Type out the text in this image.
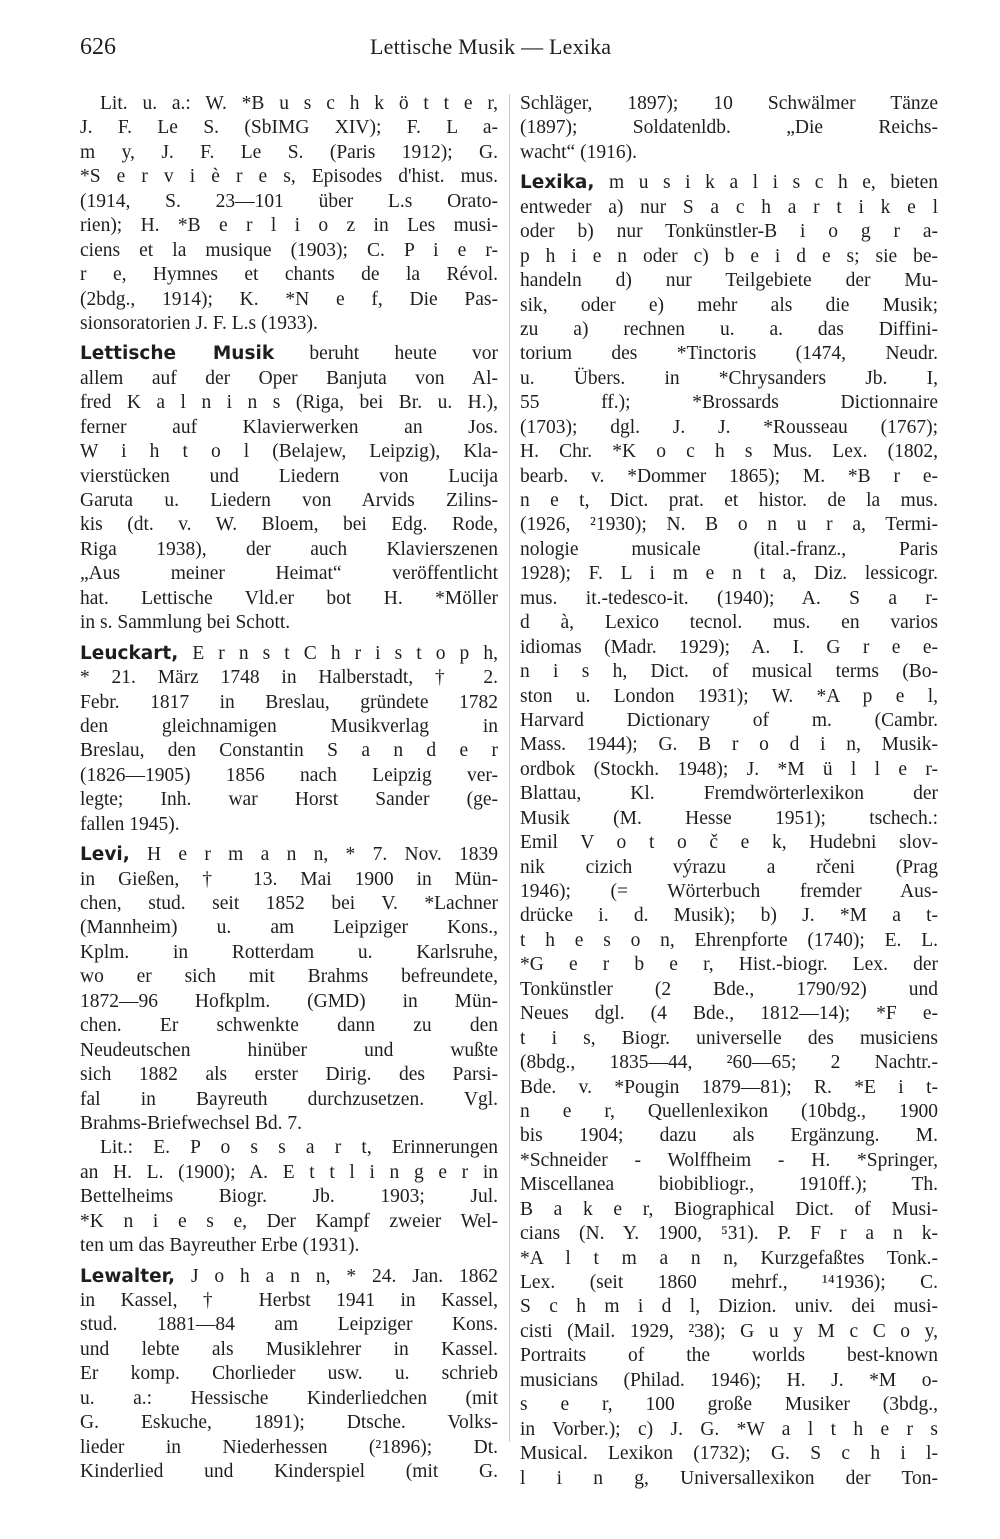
626	Lettische Musik — Lexika
Lit. u. a.: W. *B u s c h k ö t t e r,
J. F. Le S. (SbIMG XIV); F. L a-
m y, J. F. Le S. (Paris 1912); G.
*S e r v i è r e s, Episodes d'hist. mus.
(1914, S. 23—101 über L.s Orato-
rien); H. *B e r l i o z in Les musi-
ciens et la musique (1903); C. P i e r-
r e, Hymnes et chants de la Révol.
(2bdg., 1914); K. *N e f, Die Pas-
sionsoratorien J. F. L.s (1933).
Lettische Musik beruht heute vor
allem auf der Oper Banjuta von Al-
fred K a l n i n s (Riga, bei Br. u. H.),
ferner auf Klavierwerken an Jos.
W i h t o l (Belajew, Leipzig), Kla-
vierstücken und Liedern von Lucija
Garuta u. Liedern von Arvids Zilins-
kis (dt. v. W. Bloem, bei Edg. Rode,
Riga 1938), der auch Klavierszenen
„Aus meiner Heimat“ veröffentlicht
hat. Lettische Vld.er bot H. *Möller
in s. Sammlung bei Schott.
Leuckart, E r n s t C h r i s t o p h,
* 21. März 1748 in Halberstadt, † 2.
Febr. 1817 in Breslau, gründete 1782
den gleichnamigen Musikverlag in
Breslau, den Constantin S a n d e r
(1826—1905) 1856 nach Leipzig ver-
legte; Inh. war Horst Sander (ge-
fallen 1945).
Levi, H e r m a n n, * 7. Nov. 1839
in Gießen, † 13. Mai 1900 in Mün-
chen, stud. seit 1852 bei V. *Lachner
(Mannheim) u. am Leipziger Kons.,
Kplm. in Rotterdam u. Karlsruhe,
wo er sich mit Brahms befreundete,
1872—96 Hofkplm. (GMD) in Mün-
chen. Er schwenkte dann zu den
Neudeutschen hinüber und wußte
sich 1882 als erster Dirig. des Parsi-
fal in Bayreuth durchzusetzen. Vgl.
Brahms-Briefwechsel Bd. 7.
Lit.: E. P o s s a r t, Erinnerungen
an H. L. (1900); A. E t t l i n g e r in
Bettelheims Biogr. Jb. 1903; Jul.
*K n i e s e, Der Kampf zweier Wel-
ten um das Bayreuther Erbe (1931).
Lewalter, J o h a n n, * 24. Jan. 1862
in Kassel, † Herbst 1941 in Kassel,
stud. 1881—84 am Leipziger Kons.
und lebte als Musiklehrer in Kassel.
Er komp. Chorlieder usw. u. schrieb
u. a.: Hessische Kinderliedchen (mit
G. Eskuche, 1891); Dtsche. Volks-
lieder in Niederhessen (²1896); Dt.
Kinderlied und Kinderspiel (mit G.
Schläger, 1897); 10 Schwälmer Tänze
(1897); Soldatenldb. „Die Reichs-
wacht“ (1916).
Lexika, m u s i k a l i s c h e, bieten
entweder a) nur S a c h a r t i k e l
oder b) nur Tonkünstler-B i o g r a-
p h i e n oder c) b e i d e s; sie be-
handeln d) nur Teilgebiete der Mu-
sik, oder e) mehr als die Musik;
zu a) rechnen u. a. das Diffini-
torium des *Tinctoris (1474, Neudr.
u. Übers. in *Chrysanders Jb. I,
55 ff.); *Brossards Dictionnaire
(1703); dgl. J. J. *Rousseau (1767);
H. Chr. *K o c h s Mus. Lex. (1802,
bearb. v. *Dommer 1865); M. *B r e-
n e t, Dict. prat. et histor. de la mus.
(1926, ²1930); N. B o n u r a, Termi-
nologie musicale (ital.-franz., Paris
1928); F. L i m e n t a, Diz. lessicogr.
mus. it.-tedesco-it. (1940); A. S a r-
d à, Lexico tecnol. mus. en varios
idiomas (Madr. 1929); A. I. G r e e-
n i s h, Dict. of musical terms (Bo-
ston u. London 1931); W. *A p e l,
Harvard Dictionary of m. (Cambr.
Mass. 1944); G. B r o d i n, Musik-
ordbok (Stockh. 1948); J. *M ü l l e r-
Blattau, Kl. Fremdwörterlexikon der
Musik (M. Hesse 1951); tschech.:
Emil V o t o č e k, Hudebni slov-
nik cizich výrazu a rčeni (Prag
1946); (= Wörterbuch fremder Aus-
drücke i. d. Musik); b) J. *M a t-
t h e s o n, Ehrenpforte (1740); E. L.
*G e r b e r, Hist.-biogr. Lex. der
Tonkünstler (2 Bde., 1790/92) und
Neues dgl. (4 Bde., 1812—14); *F e-
t i s, Biogr. universelle des musiciens
(8bdg., 1835—44, ²60—65; 2 Nachtr.-
Bde. v. *Pougin 1879—81); R. *E i t-
n e r, Quellenlexikon (10bdg., 1900
bis 1904; dazu als Ergänzung. M.
*Schneider - Wolffheim - H. *Springer,
Miscellanea biobibliogr., 1910ff.); Th.
B a k e r, Biographical Dict. of Musi-
cians (N. Y. 1900, ⁵31). P. F r a n k-
*A l t m a n n, Kurzgefaßtes Tonk.-
Lex. (seit 1860 mehrf., ¹⁴1936); C.
S c h m i d l, Dizion. univ. dei musi-
cisti (Mail. 1929, ²38); G u y M c C o y,
Portraits of the worlds best-known
musicians (Philad. 1946); H. J. *M o-
s e r, 100 große Musiker (3bdg.,
in Vorber.); c) J. G. *W a l t h e r s
Musical. Lexikon (1732); G. S c h i l-
l i n g, Universallexikon der Ton-
